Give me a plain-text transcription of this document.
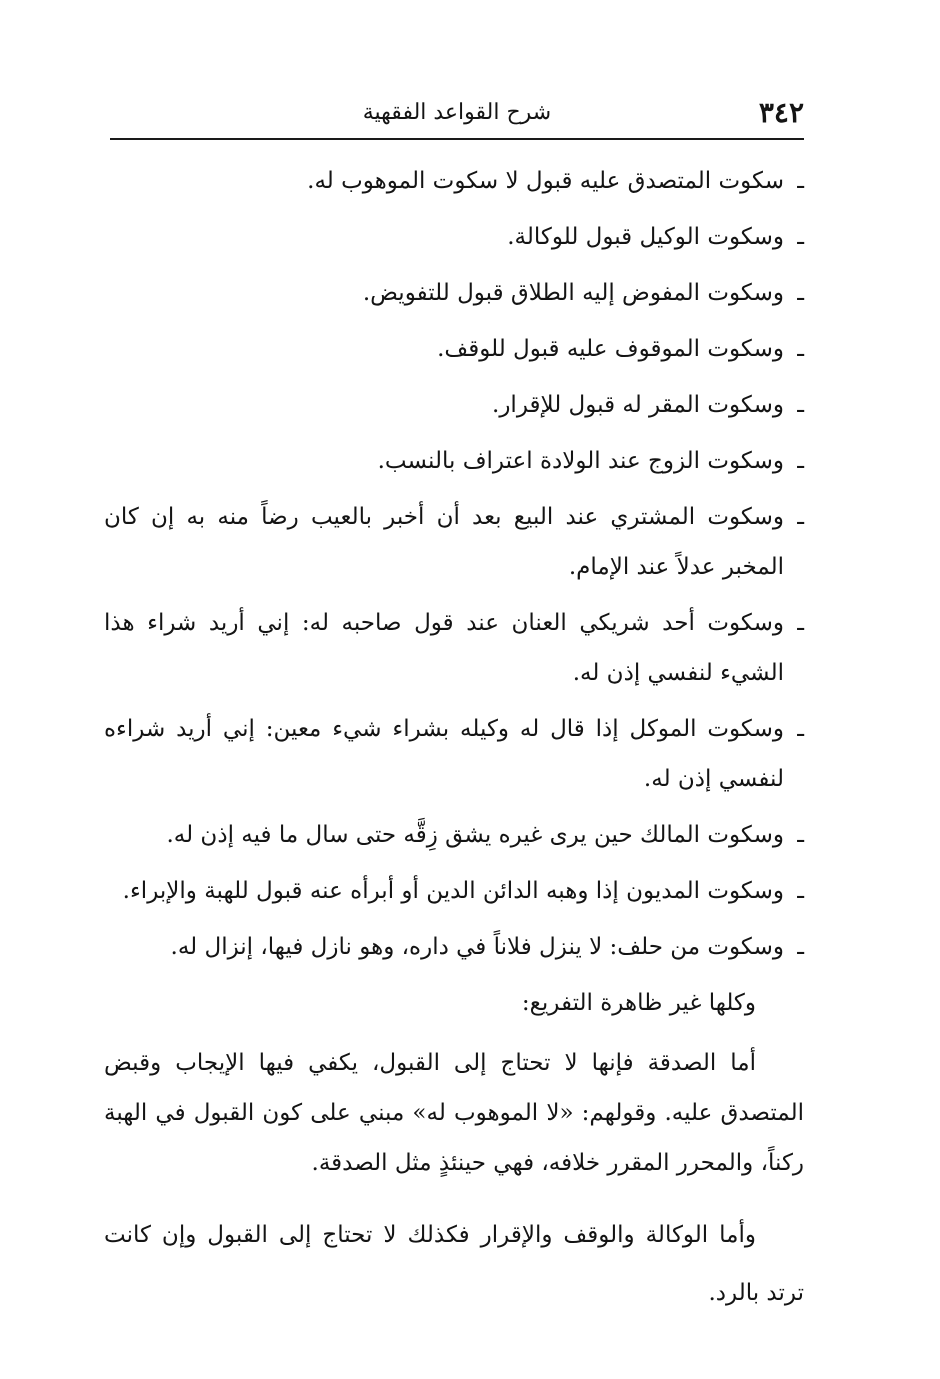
٣٤٢
شرح القواعد الفقهية
ـ
سكوت المتصدق عليه قبول لا سكوت الموهوب له.
ـ
وسكوت الوكيل قبول للوكالة.
ـ
وسكوت المفوض إليه الطلاق قبول للتفويض.
ـ
وسكوت الموقوف عليه قبول للوقف.
ـ
وسكوت المقر له قبول للإقرار.
ـ
وسكوت الزوج عند الولادة اعتراف بالنسب.
ـ
وسكوت المشتري عند البيع بعد أن أخبر بالعيب رضاً منه به إن كان المخبر عدلاً عند الإمام.
ـ
وسكوت أحد شريكي العنان عند قول صاحبه له: إني أريد شراء هذا الشيء لنفسي إذن له.
ـ
وسكوت الموكل إذا قال له وكيله بشراء شيء معين: إني أريد شراءه لنفسي إذن له.
ـ
وسكوت المالك حين يرى غيره يشق زِقَّه حتى سال ما فيه إذن له.
ـ
وسكوت المديون إذا وهبه الدائن الدين أو أبرأه عنه قبول للهبة والإبراء.
ـ
وسكوت من حلف: لا ينزل فلاناً في داره، وهو نازل فيها، إنزال له.

وكلها غير ظاهرة التفريع:

أما الصدقة فإنها لا تحتاج إلى القبول، يكفي فيها الإيجاب وقبض المتصدق عليه. وقولهم: «لا الموهوب له» مبني على كون القبول في الهبة ركناً، والمحرر المقرر خلافه، فهي حينئذٍ مثل الصدقة.

وأما الوكالة والوقف والإقرار فكذلك لا تحتاج إلى القبول وإن كانت ترتد بالرد.
